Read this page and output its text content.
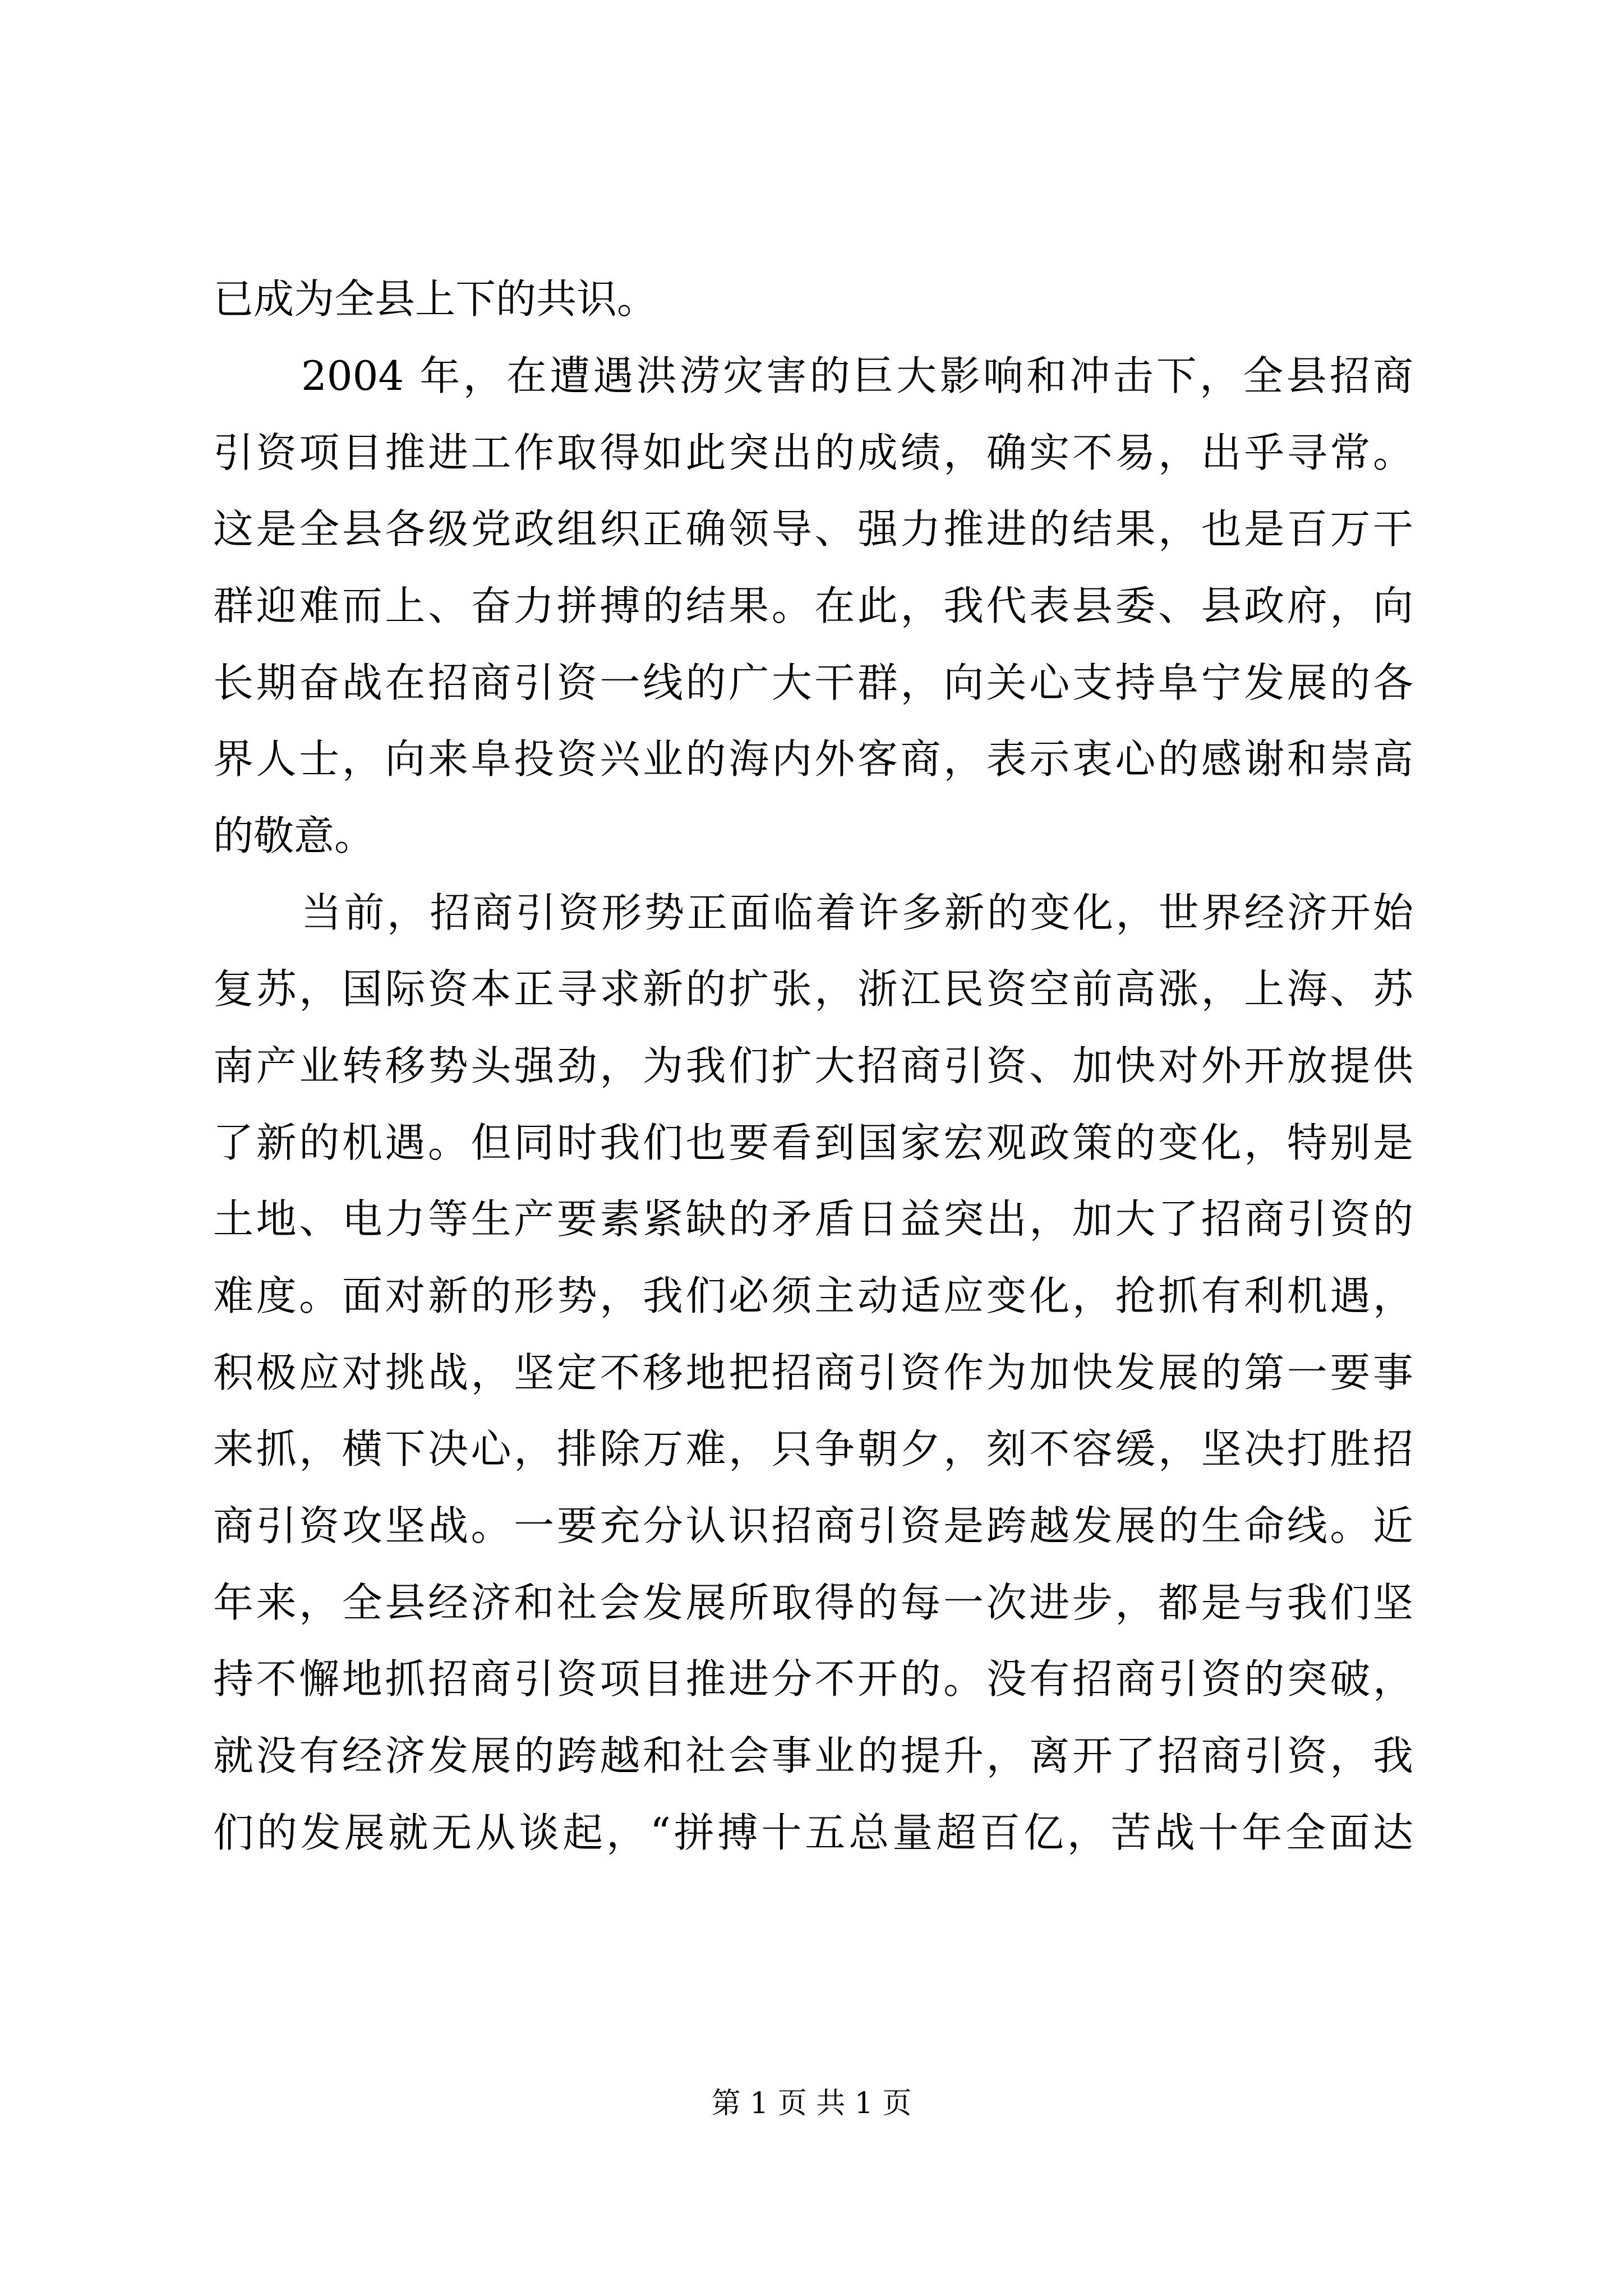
已成为全县上下的共识。
2004 年，在遭遇洪涝灾害的巨大影响和冲击下，全县招商
引资项目推进工作取得如此突出的成绩，确实不易，出乎寻常。
这是全县各级党政组织正确领导、强力推进的结果，也是百万干
群迎难而上、奋力拼搏的结果。在此，我代表县委、县政府，向
长期奋战在招商引资一线的广大干群，向关心支持阜宁发展的各
界人士，向来阜投资兴业的海内外客商，表示衷心的感谢和崇高
的敬意。
当前，招商引资形势正面临着许多新的变化，世界经济开始
复苏，国际资本正寻求新的扩张，浙江民资空前高涨，上海、苏
南产业转移势头强劲，为我们扩大招商引资、加快对外开放提供
了新的机遇。但同时我们也要看到国家宏观政策的变化，特别是
土地、电力等生产要素紧缺的矛盾日益突出，加大了招商引资的
难度。面对新的形势，我们必须主动适应变化，抢抓有利机遇，
积极应对挑战，坚定不移地把招商引资作为加快发展的第一要事
来抓，横下决心，排除万难，只争朝夕，刻不容缓，坚决打胜招
商引资攻坚战。一要充分认识招商引资是跨越发展的生命线。近
年来，全县经济和社会发展所取得的每一次进步，都是与我们坚
持不懈地抓招商引资项目推进分不开的。没有招商引资的突破，
就没有经济发展的跨越和社会事业的提升，离开了招商引资，我
们的发展就无从谈起，“拼搏十五总量超百亿，苦战十年全面达
第 1 页 共 1 页
